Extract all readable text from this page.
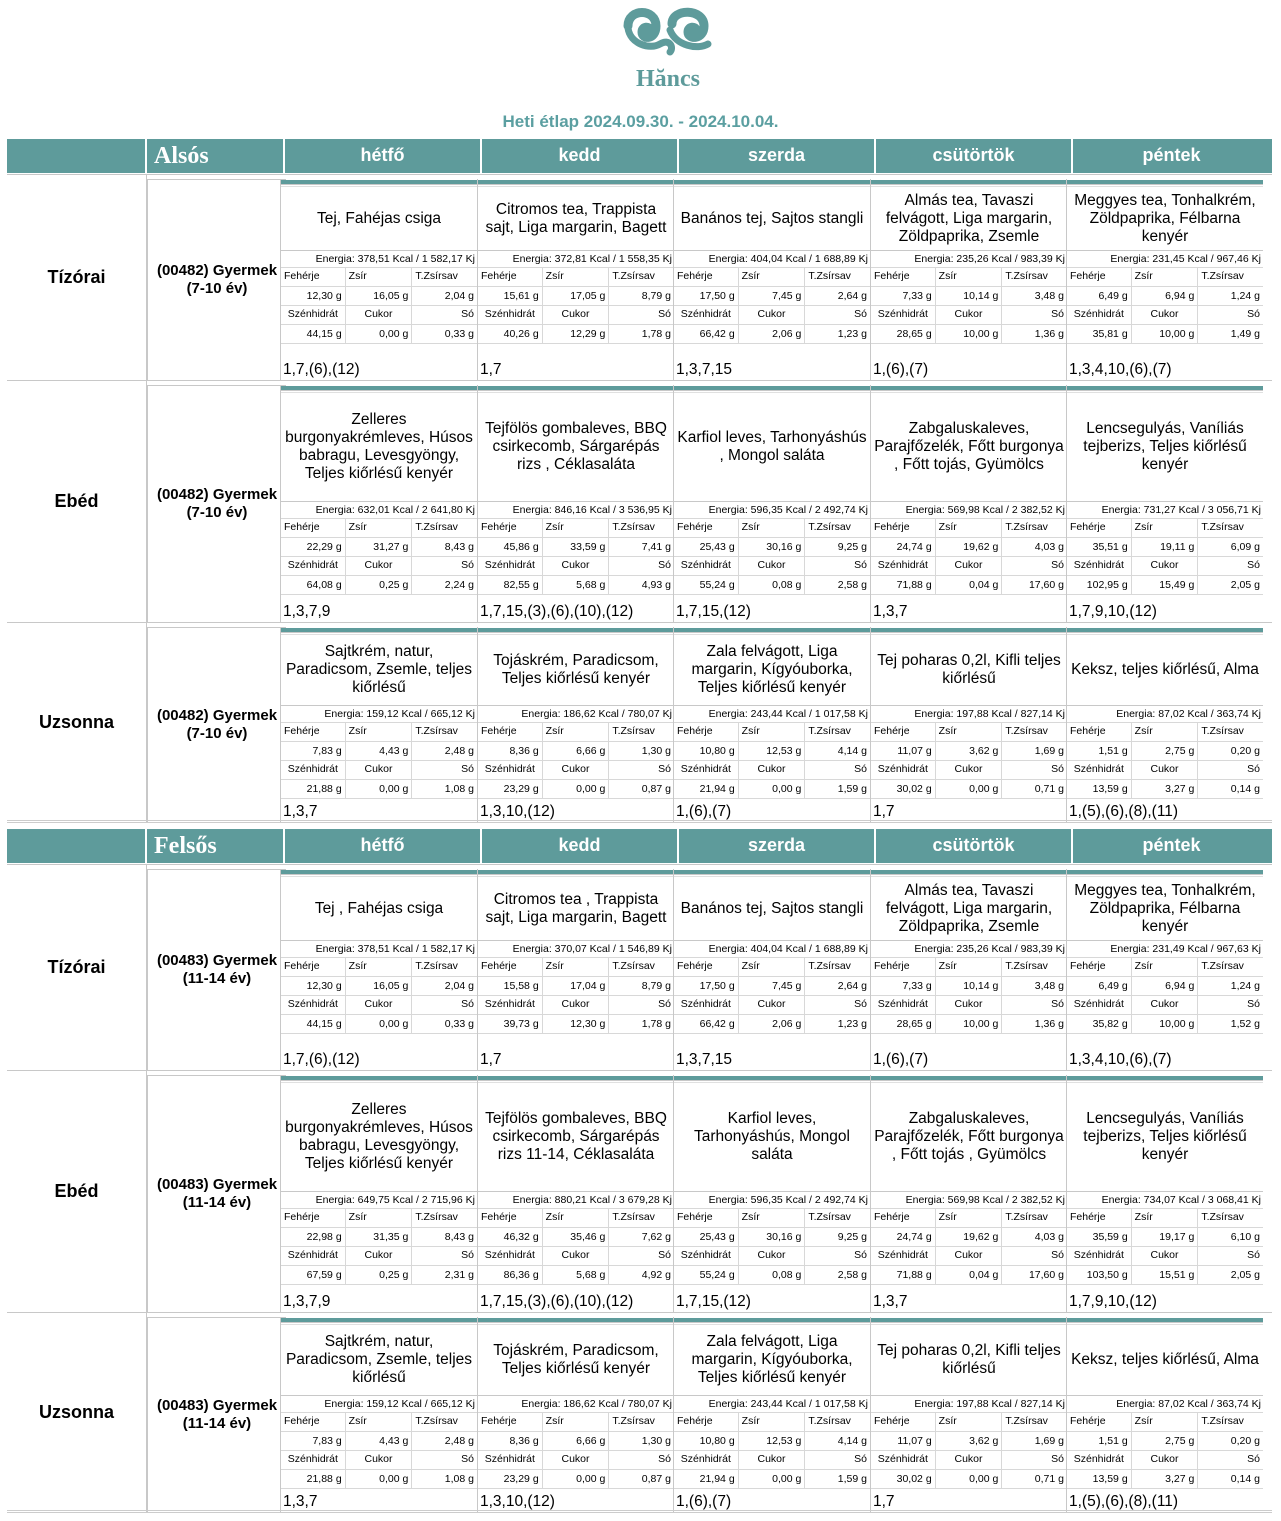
Hăncs
Heti étlap 2024.09.30. - 2024.10.04.
Alsós	hétfő	kedd	szerda	csütörtök	péntek
Tízórai	(00482) Gyermek
(7-10 év)
Tej, Fahéjas csiga
Energia: 378,51 Kcal / 1 582,17 Kj
Fehérje	Zsír	T.Zsírsav
12,30 g	16,05 g	2,04 g
Szénhidrát	Cukor	Só
44,15 g	0,00 g	0,33 g
1,7,(6),(12)
Citromos tea, Trappista sajt, Liga margarin, Bagett
Energia: 372,81 Kcal / 1 558,35 Kj
Fehérje	Zsír	T.Zsírsav
15,61 g	17,05 g	8,79 g
Szénhidrát	Cukor	Só
40,26 g	12,29 g	1,78 g
1,7
Banános tej, Sajtos stangli
Energia: 404,04 Kcal / 1 688,89 Kj
Fehérje	Zsír	T.Zsírsav
17,50 g	7,45 g	2,64 g
Szénhidrát	Cukor	Só
66,42 g	2,06 g	1,23 g
1,3,7,15
Almás tea, Tavaszi felvágott, Liga margarin, Zöldpaprika, Zsemle
Energia: 235,26 Kcal / 983,39 Kj
Fehérje	Zsír	T.Zsírsav
7,33 g	10,14 g	3,48 g
Szénhidrát	Cukor	Só
28,65 g	10,00 g	1,36 g
1,(6),(7)
Meggyes tea, Tonhalkrém, Zöldpaprika, Félbarna kenyér
Energia: 231,45 Kcal / 967,46 Kj
Fehérje	Zsír	T.Zsírsav
6,49 g	6,94 g	1,24 g
Szénhidrát	Cukor	Só
35,81 g	10,00 g	1,49 g
1,3,4,10,(6),(7)
Ebéd	(00482) Gyermek
(7-10 év)
Zelleres burgonyakrémleves, Húsos babragu, Levesgyöngy, Teljes kiőrlésű kenyér
Energia: 632,01 Kcal / 2 641,80 Kj
Fehérje	Zsír	T.Zsírsav
22,29 g	31,27 g	8,43 g
Szénhidrát	Cukor	Só
64,08 g	0,25 g	2,24 g
1,3,7,9
Tejfölös gombaleves, BBQ csirkecomb, Sárgarépás rizs , Céklasaláta
Energia: 846,16 Kcal / 3 536,95 Kj
Fehérje	Zsír	T.Zsírsav
45,86 g	33,59 g	7,41 g
Szénhidrát	Cukor	Só
82,55 g	5,68 g	4,93 g
1,7,15,(3),(6),(10),(12)
Karfiol leves, Tarhonyáshús , Mongol saláta
Energia: 596,35 Kcal / 2 492,74 Kj
Fehérje	Zsír	T.Zsírsav
25,43 g	30,16 g	9,25 g
Szénhidrát	Cukor	Só
55,24 g	0,08 g	2,58 g
1,7,15,(12)
Zabgaluskaleves, Parajfőzelék, Főtt burgonya , Főtt tojás, Gyümölcs
Energia: 569,98 Kcal / 2 382,52 Kj
Fehérje	Zsír	T.Zsírsav
24,74 g	19,62 g	4,03 g
Szénhidrát	Cukor	Só
71,88 g	0,04 g	17,60 g
1,3,7
Lencsegulyás, Vaníliás tejberizs, Teljes kiőrlésű kenyér
Energia: 731,27 Kcal / 3 056,71 Kj
Fehérje	Zsír	T.Zsírsav
35,51 g	19,11 g	6,09 g
Szénhidrát	Cukor	Só
102,95 g	15,49 g	2,05 g
1,7,9,10,(12)
Uzsonna	(00482) Gyermek
(7-10 év)
Sajtkrém, natur, Paradicsom, Zsemle, teljes kiőrlésű
Energia: 159,12 Kcal / 665,12 Kj
Fehérje	Zsír	T.Zsírsav
7,83 g	4,43 g	2,48 g
Szénhidrát	Cukor	Só
21,88 g	0,00 g	1,08 g
1,3,7
Tojáskrém, Paradicsom, Teljes kiőrlésű kenyér
Energia: 186,62 Kcal / 780,07 Kj
Fehérje	Zsír	T.Zsírsav
8,36 g	6,66 g	1,30 g
Szénhidrát	Cukor	Só
23,29 g	0,00 g	0,87 g
1,3,10,(12)
Zala felvágott, Liga margarin, Kígyóuborka, Teljes kiőrlésű kenyér
Energia: 243,44 Kcal / 1 017,58 Kj
Fehérje	Zsír	T.Zsírsav
10,80 g	12,53 g	4,14 g
Szénhidrát	Cukor	Só
21,94 g	0,00 g	1,59 g
1,(6),(7)
Tej poharas 0,2l, Kifli teljes kiőrlésű
Energia: 197,88 Kcal / 827,14 Kj
Fehérje	Zsír	T.Zsírsav
11,07 g	3,62 g	1,69 g
Szénhidrát	Cukor	Só
30,02 g	0,00 g	0,71 g
1,7
Keksz, teljes kiőrlésű, Alma
Energia: 87,02 Kcal / 363,74 Kj
Fehérje	Zsír	T.Zsírsav
1,51 g	2,75 g	0,20 g
Szénhidrát	Cukor	Só
13,59 g	3,27 g	0,14 g
1,(5),(6),(8),(11)
Felsős	hétfő	kedd	szerda	csütörtök	péntek
Tízórai	(00483) Gyermek
(11-14 év)
Tej , Fahéjas csiga
Energia: 378,51 Kcal / 1 582,17 Kj
Fehérje	Zsír	T.Zsírsav
12,30 g	16,05 g	2,04 g
Szénhidrát	Cukor	Só
44,15 g	0,00 g	0,33 g
1,7,(6),(12)
Citromos tea , Trappista sajt, Liga margarin, Bagett
Energia: 370,07 Kcal / 1 546,89 Kj
Fehérje	Zsír	T.Zsírsav
15,58 g	17,04 g	8,79 g
Szénhidrát	Cukor	Só
39,73 g	12,30 g	1,78 g
1,7
Banános tej, Sajtos stangli
Energia: 404,04 Kcal / 1 688,89 Kj
Fehérje	Zsír	T.Zsírsav
17,50 g	7,45 g	2,64 g
Szénhidrát	Cukor	Só
66,42 g	2,06 g	1,23 g
1,3,7,15
Almás tea, Tavaszi felvágott, Liga margarin, Zöldpaprika, Zsemle
Energia: 235,26 Kcal / 983,39 Kj
Fehérje	Zsír	T.Zsírsav
7,33 g	10,14 g	3,48 g
Szénhidrát	Cukor	Só
28,65 g	10,00 g	1,36 g
1,(6),(7)
Meggyes tea, Tonhalkrém, Zöldpaprika, Félbarna kenyér
Energia: 231,49 Kcal / 967,63 Kj
Fehérje	Zsír	T.Zsírsav
6,49 g	6,94 g	1,24 g
Szénhidrát	Cukor	Só
35,82 g	10,00 g	1,52 g
1,3,4,10,(6),(7)
Ebéd	(00483) Gyermek
(11-14 év)
Zelleres burgonyakrémleves, Húsos babragu, Levesgyöngy, Teljes kiőrlésű kenyér
Energia: 649,75 Kcal / 2 715,96 Kj
Fehérje	Zsír	T.Zsírsav
22,98 g	31,35 g	8,43 g
Szénhidrát	Cukor	Só
67,59 g	0,25 g	2,31 g
1,3,7,9
Tejfölös gombaleves, BBQ csirkecomb, Sárgarépás rizs 11-14, Céklasaláta
Energia: 880,21 Kcal / 3 679,28 Kj
Fehérje	Zsír	T.Zsírsav
46,32 g	35,46 g	7,62 g
Szénhidrát	Cukor	Só
86,36 g	5,68 g	4,92 g
1,7,15,(3),(6),(10),(12)
Karfiol leves, Tarhonyáshús, Mongol saláta
Energia: 596,35 Kcal / 2 492,74 Kj
Fehérje	Zsír	T.Zsírsav
25,43 g	30,16 g	9,25 g
Szénhidrát	Cukor	Só
55,24 g	0,08 g	2,58 g
1,7,15,(12)
Zabgaluskaleves, Parajfőzelék, Főtt burgonya , Főtt tojás , Gyümölcs
Energia: 569,98 Kcal / 2 382,52 Kj
Fehérje	Zsír	T.Zsírsav
24,74 g	19,62 g	4,03 g
Szénhidrát	Cukor	Só
71,88 g	0,04 g	17,60 g
1,3,7
Lencsegulyás, Vaníliás tejberizs, Teljes kiőrlésű kenyér
Energia: 734,07 Kcal / 3 068,41 Kj
Fehérje	Zsír	T.Zsírsav
35,59 g	19,17 g	6,10 g
Szénhidrát	Cukor	Só
103,50 g	15,51 g	2,05 g
1,7,9,10,(12)
Uzsonna	(00483) Gyermek
(11-14 év)
Sajtkrém, natur, Paradicsom, Zsemle, teljes kiőrlésű
Energia: 159,12 Kcal / 665,12 Kj
Fehérje	Zsír	T.Zsírsav
7,83 g	4,43 g	2,48 g
Szénhidrát	Cukor	Só
21,88 g	0,00 g	1,08 g
1,3,7
Tojáskrém, Paradicsom, Teljes kiőrlésű kenyér
Energia: 186,62 Kcal / 780,07 Kj
Fehérje	Zsír	T.Zsírsav
8,36 g	6,66 g	1,30 g
Szénhidrát	Cukor	Só
23,29 g	0,00 g	0,87 g
1,3,10,(12)
Zala felvágott, Liga margarin, Kígyóuborka, Teljes kiőrlésű kenyér
Energia: 243,44 Kcal / 1 017,58 Kj
Fehérje	Zsír	T.Zsírsav
10,80 g	12,53 g	4,14 g
Szénhidrát	Cukor	Só
21,94 g	0,00 g	1,59 g
1,(6),(7)
Tej poharas 0,2l, Kifli teljes kiőrlésű
Energia: 197,88 Kcal / 827,14 Kj
Fehérje	Zsír	T.Zsírsav
11,07 g	3,62 g	1,69 g
Szénhidrát	Cukor	Só
30,02 g	0,00 g	0,71 g
1,7
Keksz, teljes kiőrlésű, Alma
Energia: 87,02 Kcal / 363,74 Kj
Fehérje	Zsír	T.Zsírsav
1,51 g	2,75 g	0,20 g
Szénhidrát	Cukor	Só
13,59 g	3,27 g	0,14 g
1,(5),(6),(8),(11)
